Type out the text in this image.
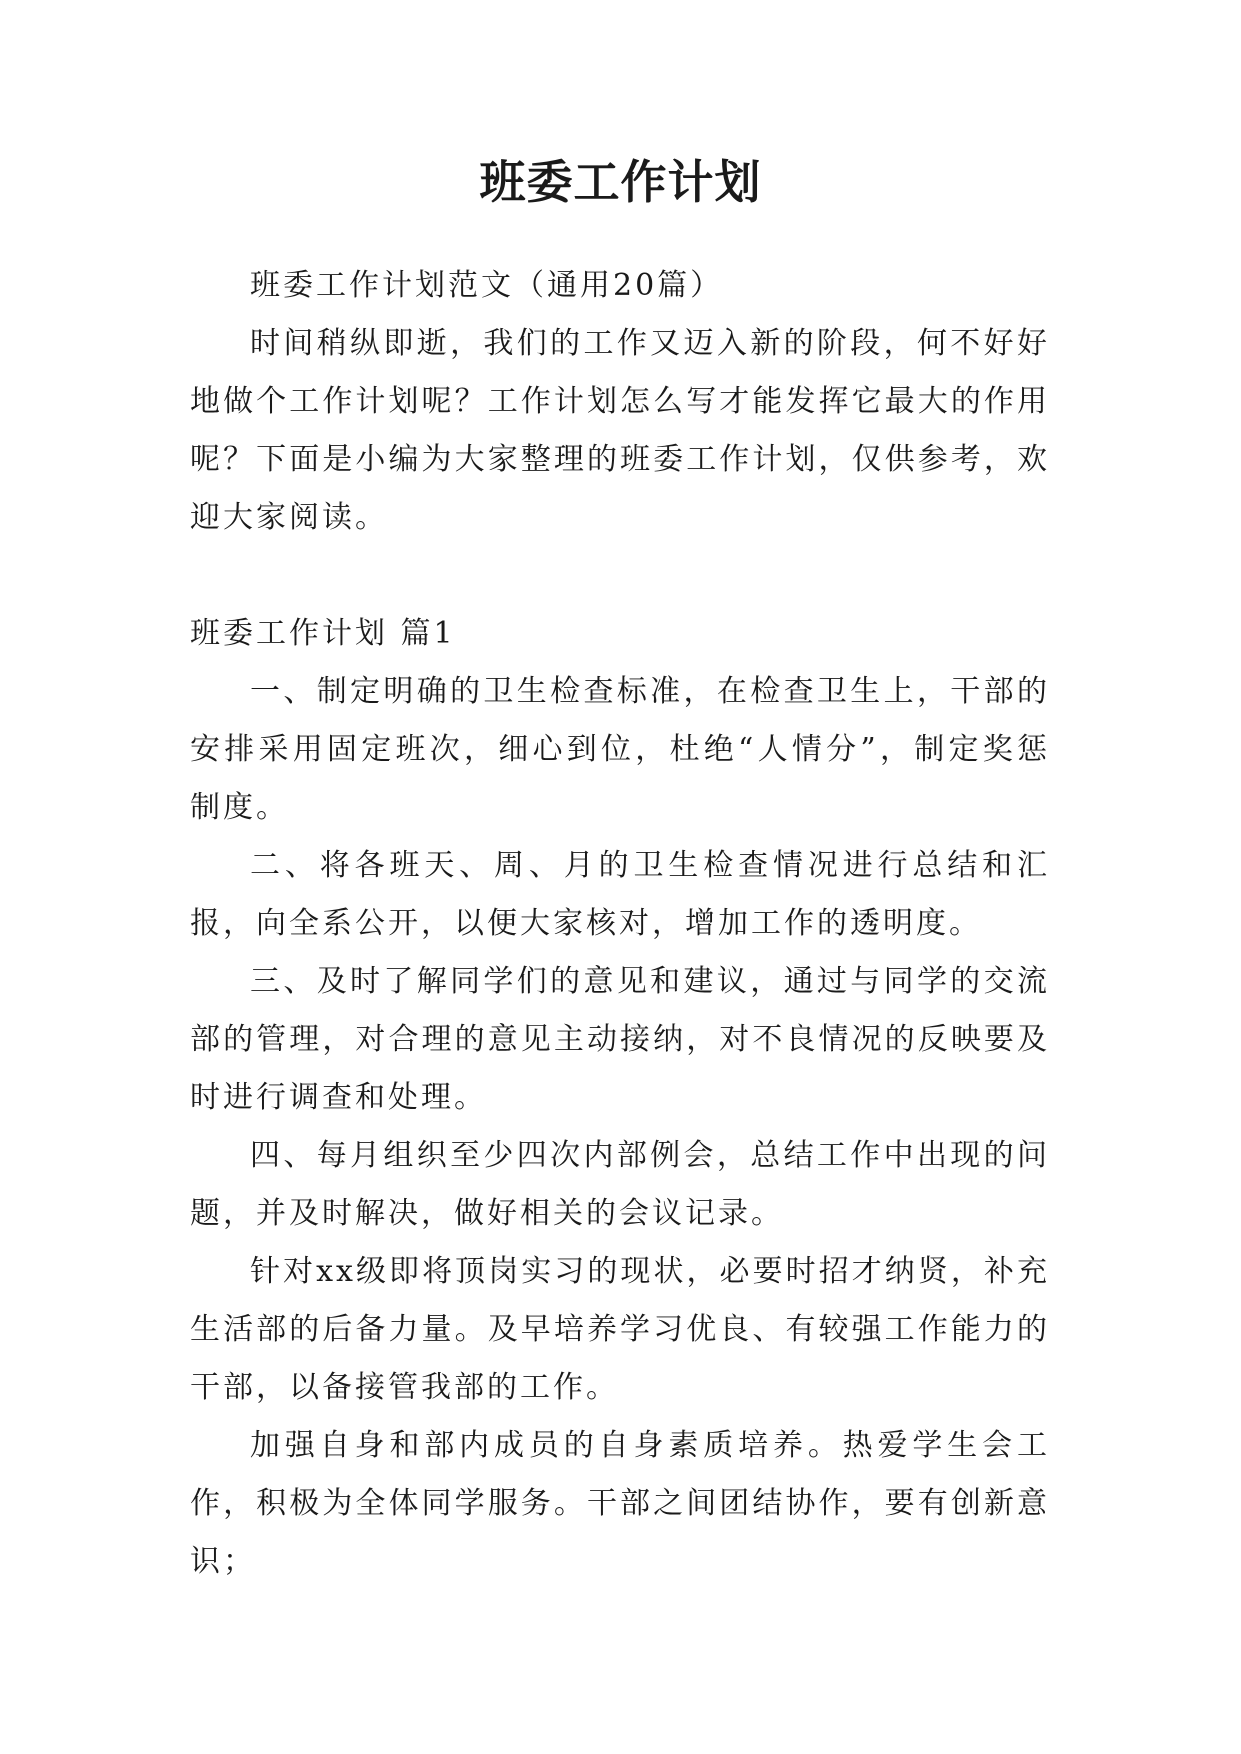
班委工作计划

班委工作计划范文（通用20篇）

时间稍纵即逝，我们的工作又迈入新的阶段，何不好好地做个工作计划呢？工作计划怎么写才能发挥它最大的作用呢？下面是小编为大家整理的班委工作计划，仅供参考，欢迎大家阅读。

班委工作计划 篇1

一、制定明确的卫生检查标准，在检查卫生上，干部的安排采用固定班次，细心到位，杜绝“人情分”，制定奖惩制度。

二、将各班天、周、月的卫生检查情况进行总结和汇报，向全系公开，以便大家核对，增加工作的透明度。

三、及时了解同学们的意见和建议，通过与同学的交流部的管理，对合理的意见主动接纳，对不良情况的反映要及时进行调查和处理。

四、每月组织至少四次内部例会，总结工作中出现的问题，并及时解决，做好相关的会议记录。

针对xx级即将顶岗实习的现状，必要时招才纳贤，补充生活部的后备力量。及早培养学习优良、有较强工作能力的干部，以备接管我部的工作。

加强自身和部内成员的自身素质培养。热爱学生会工作，积极为全体同学服务。干部之间团结协作，要有创新意识；
